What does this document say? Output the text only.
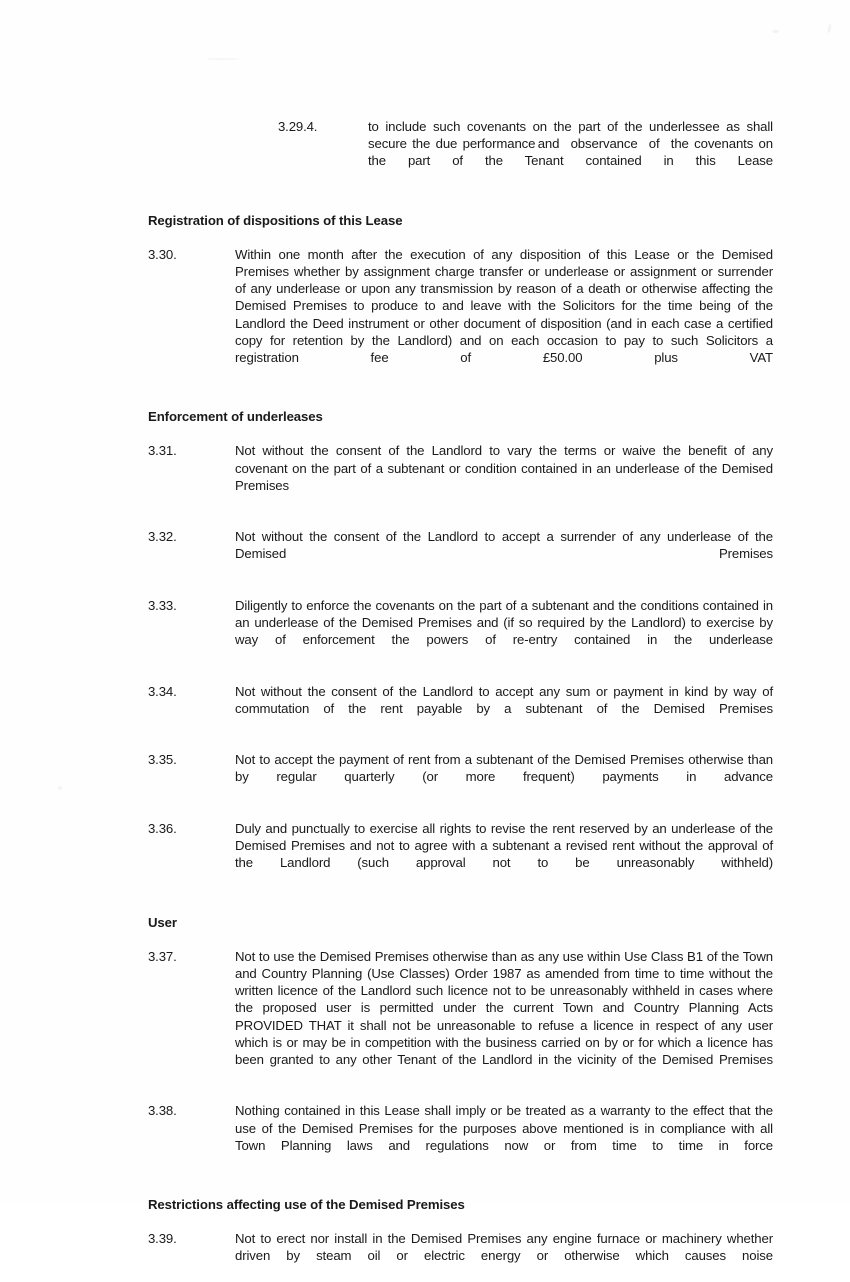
3.29.4.	to include such covenants on the part of the underlessee as shall secure the due performance and observance of the covenants on the part of the Tenant contained in this Lease
Registration of dispositions of this Lease
3.30.	Within one month after the execution of any disposition of this Lease or the Demised Premises whether by assignment charge transfer or underlease or assignment or surrender of any underlease or upon any transmission by reason of a death or otherwise affecting the Demised Premises to produce to and leave with the Solicitors for the time being of the Landlord the Deed instrument or other document of disposition (and in each case a certified copy for retention by the Landlord) and on each occasion to pay to such Solicitors a registration fee of £50.00 plus VAT
Enforcement of underleases
3.31.	Not without the consent of the Landlord to vary the terms or waive the benefit of any covenant on the part of a subtenant or condition contained in an underlease of the Demised Premises
3.32.	Not without the consent of the Landlord to accept a surrender of any underlease of the Demised Premises
3.33.	Diligently to enforce the covenants on the part of a subtenant and the conditions contained in an underlease of the Demised Premises and (if so required by the Landlord) to exercise by way of enforcement the powers of re-entry contained in the underlease
3.34.	Not without the consent of the Landlord to accept any sum or payment in kind by way of commutation of the rent payable by a subtenant of the Demised Premises
3.35.	Not to accept the payment of rent from a subtenant of the Demised Premises otherwise than by regular quarterly (or more frequent) payments in advance
3.36.	Duly and punctually to exercise all rights to revise the rent reserved by an underlease of the Demised Premises and not to agree with a subtenant a revised rent without the approval of the Landlord (such approval not to be unreasonably withheld)
User
3.37.	Not to use the Demised Premises otherwise than as any use within Use Class B1 of the Town and Country Planning (Use Classes) Order 1987 as amended from time to time without the written licence of the Landlord such licence not to be unreasonably withheld in cases where the proposed user is permitted under the current Town and Country Planning Acts PROVIDED THAT it shall not be unreasonable to refuse a licence in respect of any user which is or may be in competition with the business carried on by or for which a licence has been granted to any other Tenant of the Landlord in the vicinity of the Demised Premises
3.38.	Nothing contained in this Lease shall imply or be treated as a warranty to the effect that the use of the Demised Premises for the purposes above mentioned is in compliance with all Town Planning laws and regulations now or from time to time in force
Restrictions affecting use of the Demised Premises
3.39.	Not to erect nor install in the Demised Premises any engine furnace or machinery whether driven by steam oil or electric energy or otherwise which causes noise
